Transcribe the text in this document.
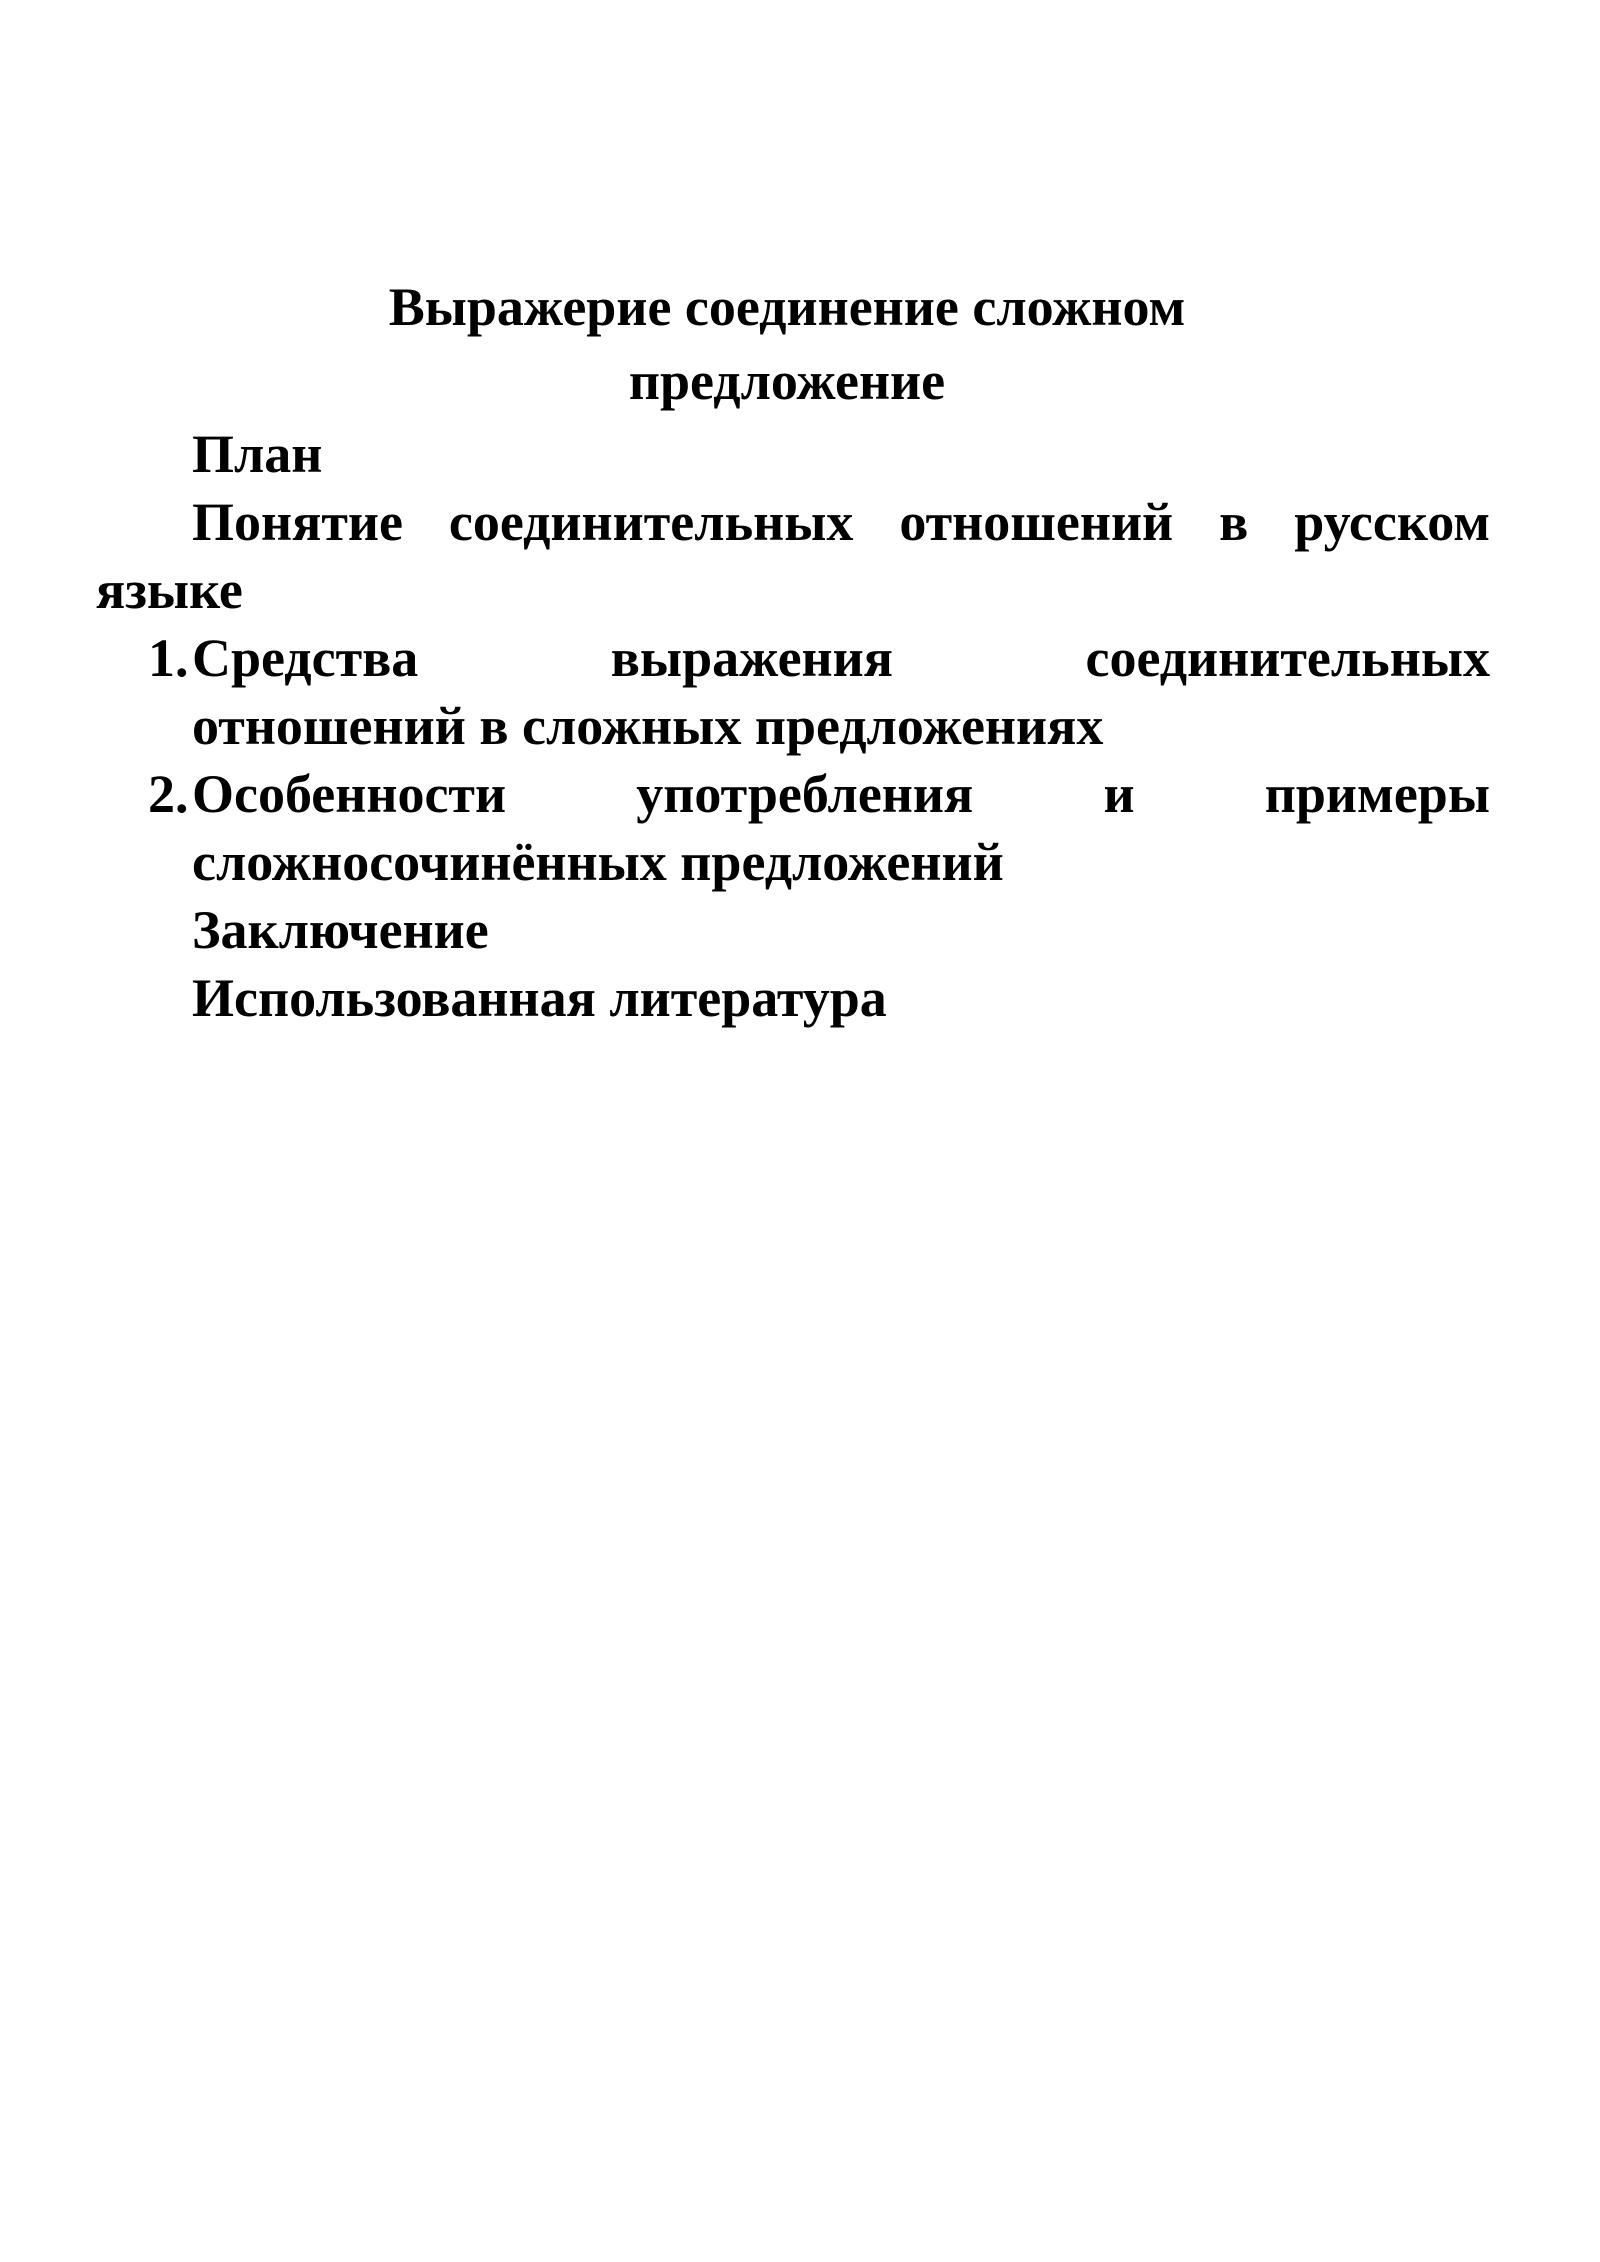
Выражерие соединение сложном
предложение

План

Понятие соединительных отношений в русском языке

1. Средства выражения соединительных
отношений в сложных предложениях
2. Особенности употребления и примеры
сложносочинённых предложений

Заключение

Использованная литература
